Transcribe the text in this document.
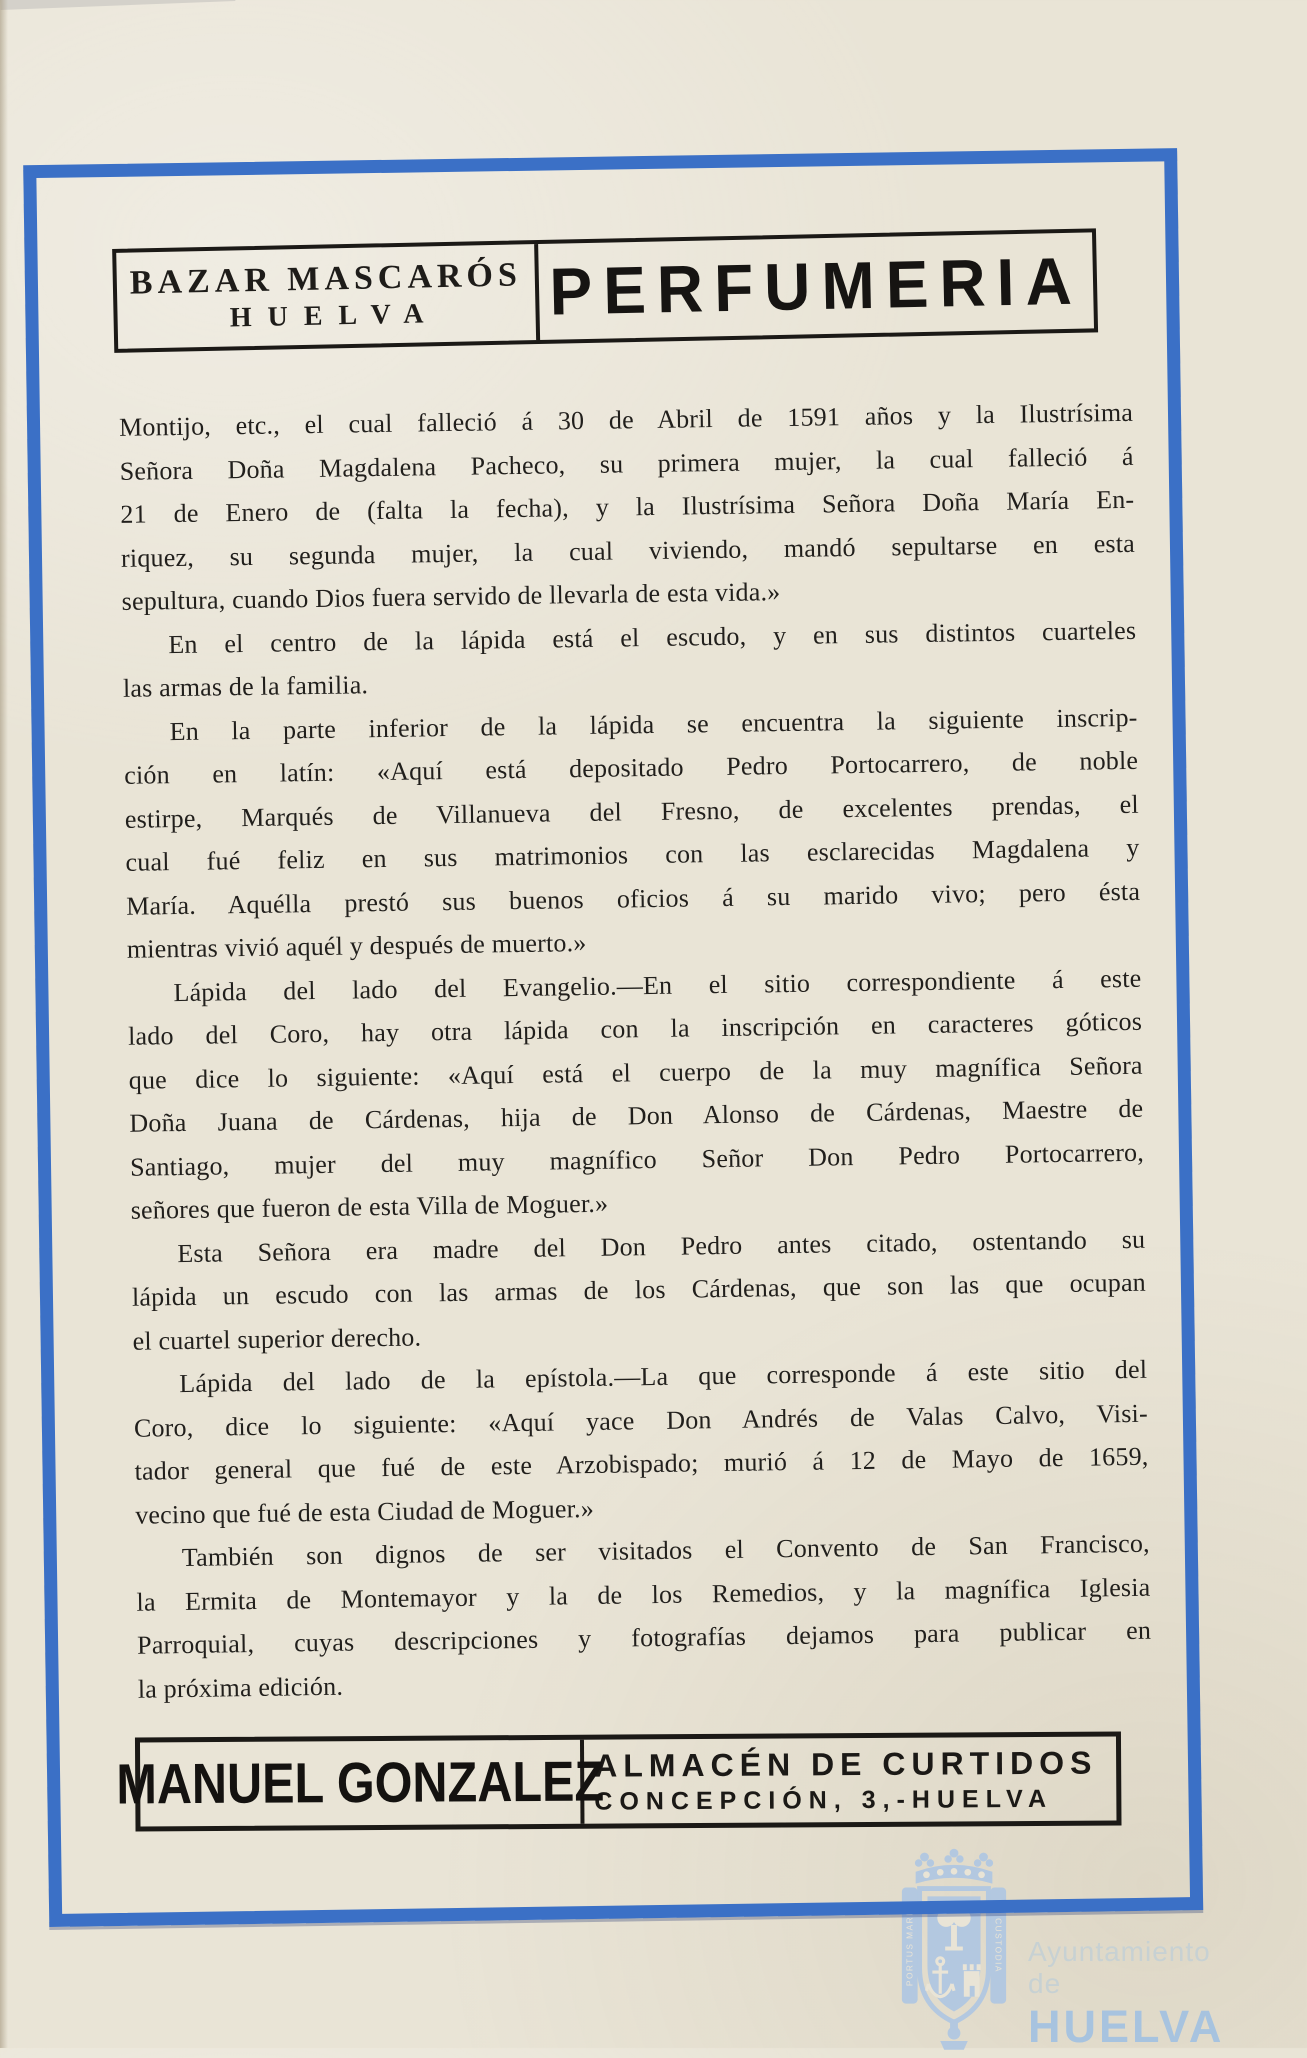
PORTUS MARIS	CUSTODIA Ayuntamiento de
HUELVA
BAZAR MASCARÓS
HUELVA PERFUMERIA
Montijo, etc., el cual falleció á 30 de Abril de 1591 años y la Ilustrísima
Señora Doña Magdalena Pacheco, su primera mujer, la cual falleció á
21 de Enero de (falta la fecha), y la Ilustrísima Señora Doña María En-
riquez, su segunda mujer, la cual viviendo, mandó sepultarse en esta
sepultura, cuando Dios fuera servido de llevarla de esta vida.»
En el centro de la lápida está el escudo, y en sus distintos cuarteles
las armas de la familia.
En la parte inferior de la lápida se encuentra la siguiente inscrip-
ción en latín: «Aquí está depositado Pedro Portocarrero, de noble
estirpe, Marqués de Villanueva del Fresno, de excelentes prendas, el
cual fué feliz en sus matrimonios con las esclarecidas Magdalena y
María. Aquélla prestó sus buenos oficios á su marido vivo; pero ésta
mientras vivió aquél y después de muerto.»
Lápida del lado del Evangelio.—En el sitio correspondiente á este
lado del Coro, hay otra lápida con la inscripción en caracteres góticos
que dice lo siguiente: «Aquí está el cuerpo de la muy magnífica Señora
Doña Juana de Cárdenas, hija de Don Alonso de Cárdenas, Maestre de
Santiago, mujer del muy magnífico Señor Don Pedro Portocarrero,
señores que fueron de esta Villa de Moguer.»
Esta Señora era madre del Don Pedro antes citado, ostentando su
lápida un escudo con las armas de los Cárdenas, que son las que ocupan
el cuartel superior derecho.
Lápida del lado de la epístola.—La que corresponde á este sitio del
Coro, dice lo siguiente: «Aquí yace Don Andrés de Valas Calvo, Visi-
tador general que fué de este Arzobispado; murió á 12 de Mayo de 1659,
vecino que fué de esta Ciudad de Moguer.»
También son dignos de ser visitados el Convento de San Francisco,
la Ermita de Montemayor y la de los Remedios, y la magnífica Iglesia
Parroquial, cuyas descripciones y fotografías dejamos para publicar en
la próxima edición.
MANUEL GONZALEZ
ALMACÉN DE CURTIDOS
CONCEPCIÓN, 3,-HUELVA
